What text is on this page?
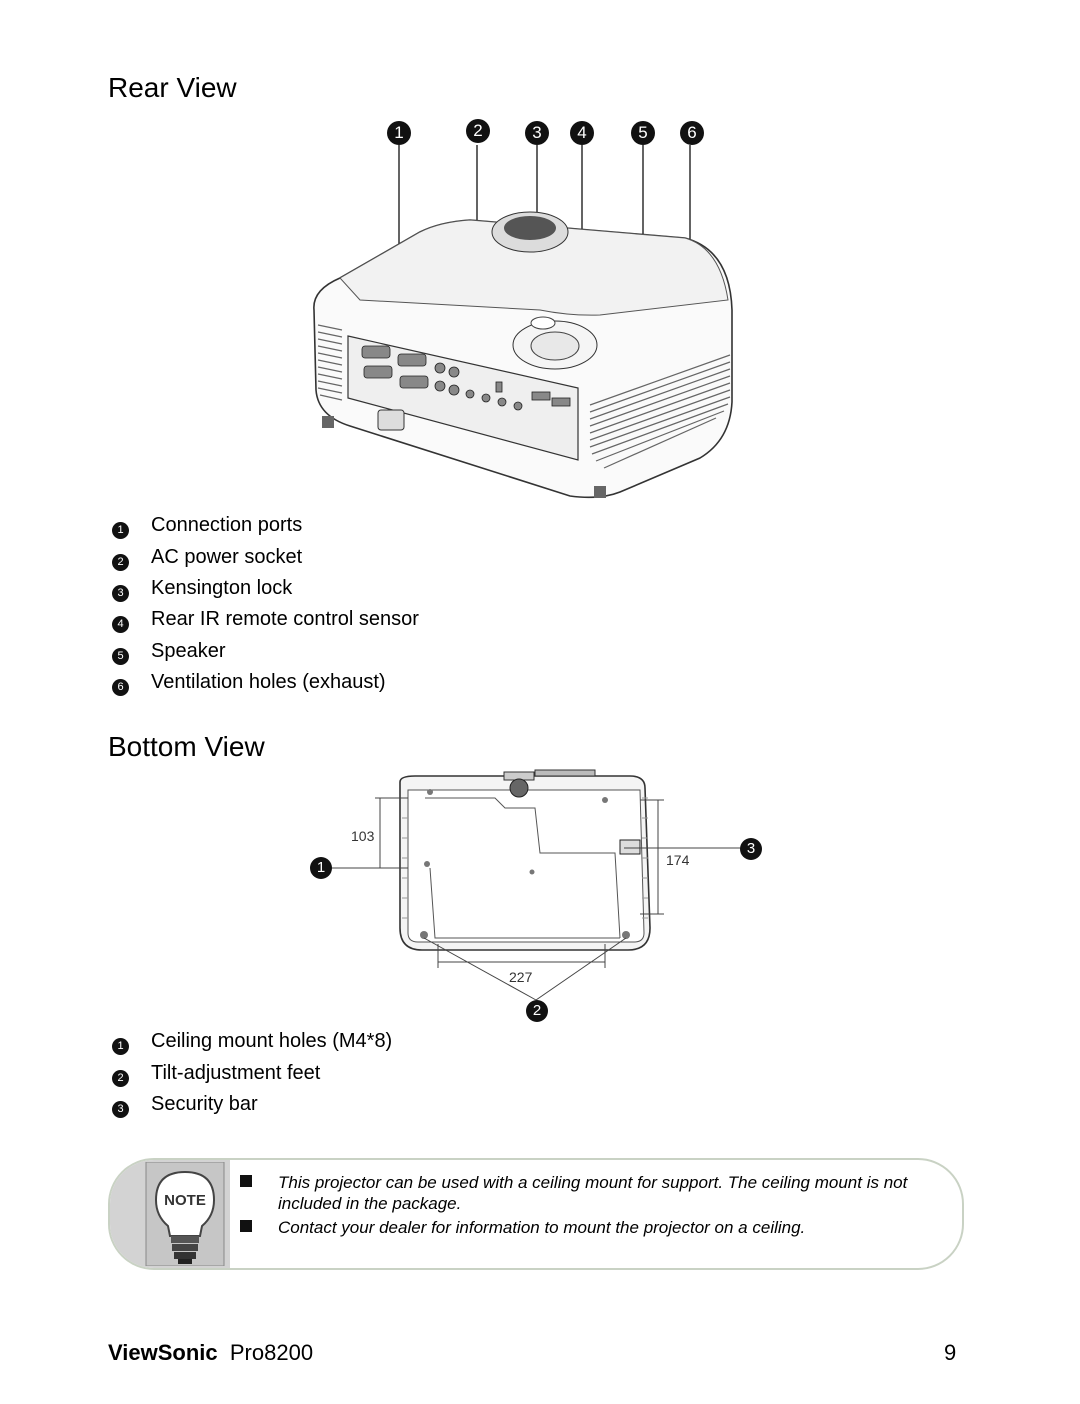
Rear View
1	2	3	4	5	6
1 Connection ports
2 AC power socket
3 Kensington lock
4 Rear IR remote control sensor
5 Speaker
6 Ventilation holes (exhaust)
Bottom View
103
174
227
1
2
3
1 Ceiling mount holes (M4*8)
2 Tilt-adjustment feet
3 Security bar
NOTE
This projector can be used with a ceiling mount for support. The ceiling mount is not included in the package.
Contact your dealer for information to mount the projector on a ceiling.
ViewSonic Pro8200	9
